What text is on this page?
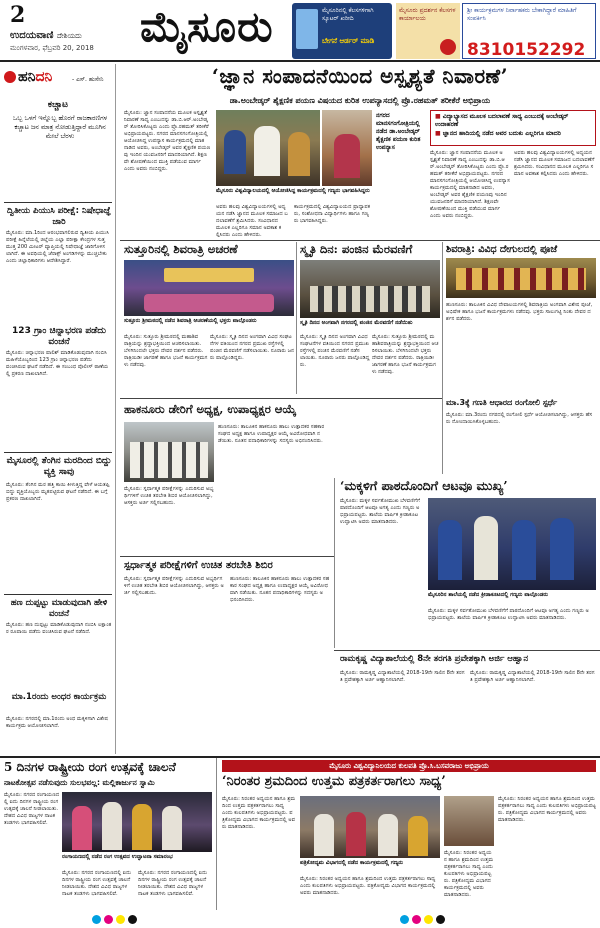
2
ಉದಯವಾಣಿ ದೇಶಿಯದು
ಮಂಗಳವಾರ, ಫೆಬ್ರವರಿ 20, 2018 ಮೈಸೂರು	ಮೈಸೂರಿನಲ್ಲಿ ಕೆಲಸಗಳಿಗಾಗಿ ಸ್ಕೂಟರ್ ಖರೀದಿ
ಬೇಗನೆ ಆರ್ಡರ್ ಮಾಡಿ
ಮೈಸೂರು ಪ್ರದರ್ಶನ ಕೆಲಸಗಳ ಕಾರ್ಯಾಲಯ
ಶ್ರೀ ಕಾರ್ಯಕ್ರಮಗಳ ನಿರ್ವಾಹಕರು ಬೇಕಾಗಿದ್ದಾರೆ ಮಾಹಿತಿಗೆ ಸಂಪರ್ಕಿಸಿ
8310152292
ಹನಿದನಿ	- ಎಸ್. ಹುಸೇನಿ
ಕಚ್ಚಾಟ
ಒಬ್ಬ ಒಳಗೆ ಇನ್ನೊಬ್ಬ ಹೊರಗೆ ರಾಜಕಾರಣಿಗಳ ಕಚ್ಚಾಟ ಜನ ಮಾತ್ರ ನೋಡುತ್ತಿದ್ದಾರೆ ಮೂಗಿನ ಮೇಲೆ ಬೆರಳು
ದ್ವಿತೀಯ ಪಿಯುಸಿ ಪರೀಕ್ಷೆ: ನಿಷೇಧಾಜ್ಞೆ ಜಾರಿ
ಮೈಸೂರು: ಮಾ.1ರಿಂದ ಆರಂಭವಾಗಲಿರುವ ದ್ವಿತೀಯ ಪಿಯುಸಿ ಪರೀಕ್ಷೆ ಹಿನ್ನೆಲೆಯಲ್ಲಿ ಜಿಲ್ಲೆಯ ಎಲ್ಲಾ ಪರೀಕ್ಷಾ ಕೇಂದ್ರಗಳ ಸುತ್ತಮುತ್ತ 200 ಮೀಟರ್ ವ್ಯಾಪ್ತಿಯಲ್ಲಿ ನಿಷೇಧಾಜ್ಞೆ ಜಾರಿಗೊಳಿಸಲಾಗಿದೆ. ಈ ಅವಧಿಯಲ್ಲಿ ಜೆರಾಕ್ಸ್ ಅಂಗಡಿಗಳನ್ನು ಮುಚ್ಚಬೇಕು ಎಂದು ಜಿಲ್ಲಾಧಿಕಾರಿಗಳು ಆದೇಶಿಸಿದ್ದಾರೆ.
123 ಗ್ರಾಂ ಚಿನ್ನಾಭರಣ ಪಡೆದು ವಂಚನೆ
ಮೈಸೂರು: ಚಿನ್ನಾಭರಣ ಪಾಲಿಶ್ ಮಾಡಿಕೊಡುವುದಾಗಿ ನಂಬಿಸಿ ಮಹಿಳೆಯೊಬ್ಬರಿಂದ 123 ಗ್ರಾಂ ಚಿನ್ನಾಭರಣ ಪಡೆದು ವಂಚಿಸಿರುವ ಘಟನೆ ನಡೆದಿದೆ. ಈ ಸಂಬಂಧ ಪೊಲೀಸ್ ಠಾಣೆಯಲ್ಲಿ ಪ್ರಕರಣ ದಾಖಲಾಗಿದೆ.
ಮೈಸೂರಲ್ಲಿ ತೆಂಗಿನ ಮರದಿಂದ ಬಿದ್ದು ವ್ಯಕ್ತಿ ಸಾವು
ಮೈಸೂರು: ತೆಂಗಿನ ಮರ ಹತ್ತಿ ಕಾಯಿ ಕೀಳುತ್ತಿದ್ದ ವೇಳೆ ಆಯತಪ್ಪಿ ಬಿದ್ದು ವ್ಯಕ್ತಿಯೊಬ್ಬರು ಮೃತಪಟ್ಟಿರುವ ಘಟನೆ ನಡೆದಿದೆ. ಈ ಬಗ್ಗೆ ಪ್ರಕರಣ ದಾಖಲಾಗಿದೆ.
ಹಣ ದುಪ್ಪಟ್ಟು ಮಾಡುವುದಾಗಿ ಹೇಳಿ ವಂಚನೆ
ಮೈಸೂರು: ಹಣ ದುಪ್ಪಟ್ಟು ಮಾಡಿಕೊಡುವುದಾಗಿ ನಂಬಿಸಿ ಲಕ್ಷಾಂತರ ರೂಪಾಯಿ ಪಡೆದು ವಂಚಿಸಿರುವ ಘಟನೆ ನಡೆದಿದೆ.
ಮಾ.1ರಂದು ಅಂಧರ ಕಾರ್ಯಕ್ರಮ
ಮೈಸೂರು: ನಗರದಲ್ಲಿ ಮಾ.1ರಂದು ಅಂಧ ಮಕ್ಕಳಿಗಾಗಿ ವಿಶೇಷ ಕಾರ್ಯಕ್ರಮ ಆಯೋಜಿಸಲಾಗಿದೆ.
‘ಜ್ಞಾನ ಸಂಪಾದನೆಯಿಂದ ಅಸ್ಪೃಶ್ಯತೆ ನಿವಾರಣೆ’
ಡಾ.ಅಂಬೇಡ್ಕರ್ ಶೈಕ್ಷಣಿಕ ಪಯಣ ವಿಷಯದ ಕುರಿತ ಉಪನ್ಯಾಸದಲ್ಲಿ ಪ್ರೊ.ರಹಮತ್ ತರೀಕೆರೆ ಅಭಿಪ್ರಾಯ
ಮೈಸೂರು: ಜ್ಞಾನ ಸಂಪಾದನೆಯ ಮೂಲಕ ಅಸ್ಪೃಶ್ಯತೆ ನಿವಾರಣೆ ಸಾಧ್ಯ ಎಂಬುದನ್ನು ಡಾ.ಬಿ.ಆರ್.ಅಂಬೇಡ್ಕರ್ ತೋರಿಸಿಕೊಟ್ಟರು ಎಂದು ಪ್ರೊ.ರಹಮತ್ ತರೀಕೆರೆ ಅಭಿಪ್ರಾಯಪಟ್ಟರು. ನಗರದ ಮಾನಸಗಂಗೋತ್ರಿಯಲ್ಲಿ ಆಯೋಜಿಸಿದ್ದ ಉಪನ್ಯಾಸ ಕಾರ್ಯಕ್ರಮದಲ್ಲಿ ಮಾತನಾಡಿದ ಅವರು, ಅಂಬೇಡ್ಕರ್ ಅವರ ಶೈಕ್ಷಣಿಕ ಪಯಣವು ಇಂದಿನ ಯುವಜನರಿಗೆ ಮಾದರಿಯಾಗಿದೆ. ಶಿಕ್ಷಣವೇ ಶೋಷಣೆಯಿಂದ ಮುಕ್ತಿ ಪಡೆಯುವ ಮಾರ್ಗ ಎಂದು ಅವರು ನಂಬಿದ್ದರು.
ಮೈಸೂರು ವಿಶ್ವವಿದ್ಯಾಲಯದಲ್ಲಿ ಆಯೋಜಿಸಿದ್ದ ಕಾರ್ಯಕ್ರಮದಲ್ಲಿ ಗಣ್ಯರು ಭಾಗವಹಿಸಿದ್ದರು
ಅವರು ಹಲವು ವಿಶ್ವವಿದ್ಯಾಲಯಗಳಲ್ಲಿ ಅಧ್ಯಯನ ನಡೆಸಿ ಜ್ಞಾನದ ಮೂಲಕ ಸಮಾಜದ ಬದಲಾವಣೆಗೆ ಶ್ರಮಿಸಿದರು. ಸಂವಿಧಾನದ ಮೂಲಕ ಎಲ್ಲರಿಗೂ ಸಮಾನ ಅವಕಾಶ ಕಲ್ಪಿಸಿದರು ಎಂದು ಹೇಳಿದರು.
ಕಾರ್ಯಕ್ರಮದಲ್ಲಿ ವಿಶ್ವವಿದ್ಯಾಲಯದ ಪ್ರಾಧ್ಯಾಪಕರು, ಸಂಶೋಧನಾ ವಿದ್ಯಾರ್ಥಿಗಳು ಹಾಗೂ ಗಣ್ಯರು ಭಾಗವಹಿಸಿದ್ದರು.
ನಗರದ ಮಾನಸಗಂಗೋತ್ರಿಯಲ್ಲಿ ನಡೆದ ಡಾ.ಅಂಬೇಡ್ಕರ್ ಶೈಕ್ಷಣಿಕ ಪಯಣ ಕುರಿತ ಉಪನ್ಯಾಸ
■ ವಿದ್ಯಾಭ್ಯಾಸದ ಮೂಲಕ ಬದಲಾವಣೆ ಸಾಧ್ಯ ಎಂಬುದಕ್ಕೆ ಅಂಬೇಡ್ಕರ್ ಉದಾಹರಣೆ
■ ಜ್ಞಾನದ ಹಾದಿಯಲ್ಲಿ ನಡೆದ ಅವರ ಬದುಕು ಎಲ್ಲರಿಗೂ ಮಾದರಿ
ಮೈಸೂರು: ಜ್ಞಾನ ಸಂಪಾದನೆಯ ಮೂಲಕ ಅಸ್ಪೃಶ್ಯತೆ ನಿವಾರಣೆ ಸಾಧ್ಯ ಎಂಬುದನ್ನು ಡಾ.ಬಿ.ಆರ್.ಅಂಬೇಡ್ಕರ್ ತೋರಿಸಿಕೊಟ್ಟರು ಎಂದು ಪ್ರೊ.ರಹಮತ್ ತರೀಕೆರೆ ಅಭಿಪ್ರಾಯಪಟ್ಟರು. ನಗರದ ಮಾನಸಗಂಗೋತ್ರಿಯಲ್ಲಿ ಆಯೋಜಿಸಿದ್ದ ಉಪನ್ಯಾಸ ಕಾರ್ಯಕ್ರಮದಲ್ಲಿ ಮಾತನಾಡಿದ ಅವರು, ಅಂಬೇಡ್ಕರ್ ಅವರ ಶೈಕ್ಷಣಿಕ ಪಯಣವು ಇಂದಿನ ಯುವಜನರಿಗೆ ಮಾದರಿಯಾಗಿದೆ. ಶಿಕ್ಷಣವೇ ಶೋಷಣೆಯಿಂದ ಮುಕ್ತಿ ಪಡೆಯುವ ಮಾರ್ಗ ಎಂದು ಅವರು ನಂಬಿದ್ದರು.
ಅವರು ಹಲವು ವಿಶ್ವವಿದ್ಯಾಲಯಗಳಲ್ಲಿ ಅಧ್ಯಯನ ನಡೆಸಿ ಜ್ಞಾನದ ಮೂಲಕ ಸಮಾಜದ ಬದಲಾವಣೆಗೆ ಶ್ರಮಿಸಿದರು. ಸಂವಿಧಾನದ ಮೂಲಕ ಎಲ್ಲರಿಗೂ ಸಮಾನ ಅವಕಾಶ ಕಲ್ಪಿಸಿದರು ಎಂದು ಹೇಳಿದರು.
ಸುತ್ತೂರಿನಲ್ಲಿ ಶಿವರಾತ್ರಿ ಅಚರಣೆ	ಸ್ಮೃತಿ ದಿನ: ಪಂಜಿನ ಮೆರವಣಿಗೆ	ಶಿವರಾತ್ರಿ: ವಿವಿಧ ದೇಗುಲದಲ್ಲಿ ಪೂಜೆ
ಸುತ್ತೂರು ಶ್ರೀಮಠದಲ್ಲಿ ನಡೆದ ಶಿವರಾತ್ರಿ ಆಚರಣೆಯಲ್ಲಿ ಭಕ್ತರು ಪಾಲ್ಗೊಂಡರು
ಮೈಸೂರು: ಸುತ್ತೂರು ಶ್ರೀಮಠದಲ್ಲಿ ಮಹಾಶಿವರಾತ್ರಿಯನ್ನು ಶ್ರದ್ಧಾಭಕ್ತಿಯಿಂದ ಆಚರಿಸಲಾಯಿತು. ಬೆಳಗಿನಿಂದಲೇ ಭಕ್ತರು ದೇವರ ದರ್ಶನ ಪಡೆದರು. ರಾತ್ರಿಯಿಡೀ ಜಾಗರಣೆ ಹಾಗೂ ಭಜನೆ ಕಾರ್ಯಕ್ರಮಗಳು ನಡೆದವು.
ಮೈಸೂರು: ಸ್ಮೃತಿ ದಿನದ ಅಂಗವಾಗಿ ವಿವಿಧ ಸಂಘಟನೆಗಳ ವತಿಯಿಂದ ನಗರದ ಪ್ರಮುಖ ರಸ್ತೆಗಳಲ್ಲಿ ಪಂಜಿನ ಮೆರವಣಿಗೆ ನಡೆಸಲಾಯಿತು. ನೂರಾರು ಜನರು ಪಾಲ್ಗೊಂಡಿದ್ದರು.
ಸ್ಮೃತಿ ದಿನದ ಅಂಗವಾಗಿ ನಗರದಲ್ಲಿ ಪಂಜಿನ ಮೆರವಣಿಗೆ ನಡೆಯಿತು
ಮೈಸೂರು: ಸ್ಮೃತಿ ದಿನದ ಅಂಗವಾಗಿ ವಿವಿಧ ಸಂಘಟನೆಗಳ ವತಿಯಿಂದ ನಗರದ ಪ್ರಮುಖ ರಸ್ತೆಗಳಲ್ಲಿ ಪಂಜಿನ ಮೆರವಣಿಗೆ ನಡೆಸಲಾಯಿತು. ನೂರಾರು ಜನರು ಪಾಲ್ಗೊಂಡಿದ್ದರು.
ಮೈಸೂರು: ಸುತ್ತೂರು ಶ್ರೀಮಠದಲ್ಲಿ ಮಹಾಶಿವರಾತ್ರಿಯನ್ನು ಶ್ರದ್ಧಾಭಕ್ತಿಯಿಂದ ಆಚರಿಸಲಾಯಿತು. ಬೆಳಗಿನಿಂದಲೇ ಭಕ್ತರು ದೇವರ ದರ್ಶನ ಪಡೆದರು. ರಾತ್ರಿಯಿಡೀ ಜಾಗರಣೆ ಹಾಗೂ ಭಜನೆ ಕಾರ್ಯಕ್ರಮಗಳು ನಡೆದವು.
ಹುಣಸೂರು: ತಾಲೂಕಿನ ವಿವಿಧ ದೇವಾಲಯಗಳಲ್ಲಿ ಶಿವರಾತ್ರಿಯ ಅಂಗವಾಗಿ ವಿಶೇಷ ಪೂಜೆ, ಅಭಿಷೇಕ ಹಾಗೂ ಭಜನೆ ಕಾರ್ಯಕ್ರಮಗಳು ನಡೆದವು. ಭಕ್ತರು ಸಾಲುಗಟ್ಟಿ ನಿಂತು ದೇವರ ದರ್ಶನ ಪಡೆದರು.
ಮಾ.3ಕ್ಕೆ ಗಣತಿ ಆಧಾರದ ರಂಗೋಲಿ ಸ್ಪರ್ಧೆ
ಮೈಸೂರು: ಮಾ.3ರಂದು ನಗರದಲ್ಲಿ ರಂಗೋಲಿ ಸ್ಪರ್ಧೆ ಆಯೋಜಿಸಲಾಗಿದ್ದು, ಆಸಕ್ತರು ಹೆಸರು ನೋಂದಾಯಿಸಿಕೊಳ್ಳಬಹುದು.
ಹಾಕನೂರು ಡೇರಿಗೆ ಅಧ್ಯಕ್ಷ, ಉಪಾಧ್ಯಕ್ಷರ ಆಯ್ಕೆ
ಹುಣಸೂರು: ತಾಲೂಕಿನ ಹಾಕನೂರು ಹಾಲು ಉತ್ಪಾದಕರ ಸಹಕಾರ ಸಂಘದ ಅಧ್ಯಕ್ಷ ಹಾಗೂ ಉಪಾಧ್ಯಕ್ಷರ ಆಯ್ಕೆ ಅವಿರೋಧವಾಗಿ ನಡೆಯಿತು. ನೂತನ ಪದಾಧಿಕಾರಿಗಳನ್ನು ಸದಸ್ಯರು ಅಭಿನಂದಿಸಿದರು.
ಮೈಸೂರು: ಸ್ಪರ್ಧಾತ್ಮಕ ಪರೀಕ್ಷೆಗಳನ್ನು ಎದುರಿಸುವ ಅಭ್ಯರ್ಥಿಗಳಿಗೆ ಉಚಿತ ತರಬೇತಿ ಶಿಬಿರ ಆಯೋಜಿಸಲಾಗಿದ್ದು, ಆಸಕ್ತರು ಅರ್ಜಿ ಸಲ್ಲಿಸಬಹುದು.
‘ಮಕ್ಕಳಿಗೆ ಪಾಠದೊಂದಿಗೆ ಆಟವೂ ಮುಖ್ಯ’
ಮೈಸೂರು: ಮಕ್ಕಳ ಸರ್ವತೋಮುಖ ಬೆಳವಣಿಗೆಗೆ ಪಾಠದೊಂದಿಗೆ ಆಟವೂ ಅಗತ್ಯ ಎಂದು ಗಣ್ಯರು ಅಭಿಪ್ರಾಯಪಟ್ಟರು. ಶಾಲೆಯ ವಾರ್ಷಿಕ ಕ್ರೀಡಾಕೂಟ ಉದ್ಘಾಟಿಸಿ ಅವರು ಮಾತನಾಡಿದರು.
ಮೈಸೂರಿನ ಶಾಲೆಯಲ್ಲಿ ನಡೆದ ಕ್ರೀಡಾಕೂಟದಲ್ಲಿ ಗಣ್ಯರು ಪಾಲ್ಗೊಂಡರು
ಮೈಸೂರು: ಮಕ್ಕಳ ಸರ್ವತೋಮುಖ ಬೆಳವಣಿಗೆಗೆ ಪಾಠದೊಂದಿಗೆ ಆಟವೂ ಅಗತ್ಯ ಎಂದು ಗಣ್ಯರು ಅಭಿಪ್ರಾಯಪಟ್ಟರು. ಶಾಲೆಯ ವಾರ್ಷಿಕ ಕ್ರೀಡಾಕೂಟ ಉದ್ಘಾಟಿಸಿ ಅವರು ಮಾತನಾಡಿದರು.
ಸ್ಪರ್ಧಾತ್ಮಕ ಪರೀಕ್ಷೆಗಳಿಗೆ ಉಚಿತ ತರಬೇತಿ ಶಿಬಿರ
ಮೈಸೂರು: ಸ್ಪರ್ಧಾತ್ಮಕ ಪರೀಕ್ಷೆಗಳನ್ನು ಎದುರಿಸುವ ಅಭ್ಯರ್ಥಿಗಳಿಗೆ ಉಚಿತ ತರಬೇತಿ ಶಿಬಿರ ಆಯೋಜಿಸಲಾಗಿದ್ದು, ಆಸಕ್ತರು ಅರ್ಜಿ ಸಲ್ಲಿಸಬಹುದು.
ಹುಣಸೂರು: ತಾಲೂಕಿನ ಹಾಕನೂರು ಹಾಲು ಉತ್ಪಾದಕರ ಸಹಕಾರ ಸಂಘದ ಅಧ್ಯಕ್ಷ ಹಾಗೂ ಉಪಾಧ್ಯಕ್ಷರ ಆಯ್ಕೆ ಅವಿರೋಧವಾಗಿ ನಡೆಯಿತು. ನೂತನ ಪದಾಧಿಕಾರಿಗಳನ್ನು ಸದಸ್ಯರು ಅಭಿನಂದಿಸಿದರು.
ರಾಮಕೃಷ್ಣ ವಿದ್ಯಾಶಾಲೆಯಲ್ಲಿ 8ನೇ ತರಗತಿ ಪ್ರವೇಶಕ್ಕಾಗಿ ಅರ್ಜಿ ಆಹ್ವಾನ
ಮೈಸೂರು: ರಾಮಕೃಷ್ಣ ವಿದ್ಯಾಶಾಲೆಯಲ್ಲಿ 2018-19ನೇ ಸಾಲಿನ 8ನೇ ತರಗತಿ ಪ್ರವೇಶಕ್ಕಾಗಿ ಅರ್ಜಿ ಆಹ್ವಾನಿಸಲಾಗಿದೆ.
ಮೈಸೂರು: ರಾಮಕೃಷ್ಣ ವಿದ್ಯಾಶಾಲೆಯಲ್ಲಿ 2018-19ನೇ ಸಾಲಿನ 8ನೇ ತರಗತಿ ಪ್ರವೇಶಕ್ಕಾಗಿ ಅರ್ಜಿ ಆಹ್ವಾನಿಸಲಾಗಿದೆ.
5 ದಿನಗಳ ರಾಷ್ಟ್ರೀಯ ರಂಗ ಉತ್ಸವಕ್ಕೆ ಚಾಲನೆ
ನಾಟಕೋತ್ಸವ ನಡೆಸುವುದು ಸುಲಭವಲ್ಲ: ಮಲ್ಲಿಕಾರ್ಜುನ ಸ್ವಾಮಿ
ಮೈಸೂರು: ನಗರದ ರಂಗಾಯಣದಲ್ಲಿ ಐದು ದಿನಗಳ ರಾಷ್ಟ್ರೀಯ ರಂಗ ಉತ್ಸವಕ್ಕೆ ಚಾಲನೆ ನೀಡಲಾಯಿತು. ದೇಶದ ವಿವಿಧ ರಾಜ್ಯಗಳ ನಾಟಕ ತಂಡಗಳು ಭಾಗವಹಿಸಲಿವೆ.
ರಂಗಾಯಣದಲ್ಲಿ ನಡೆದ ರಂಗ ಉತ್ಸವದ ಉದ್ಘಾಟನಾ ಸಮಾರಂಭ
ಮೈಸೂರು: ನಗರದ ರಂಗಾಯಣದಲ್ಲಿ ಐದು ದಿನಗಳ ರಾಷ್ಟ್ರೀಯ ರಂಗ ಉತ್ಸವಕ್ಕೆ ಚಾಲನೆ ನೀಡಲಾಯಿತು. ದೇಶದ ವಿವಿಧ ರಾಜ್ಯಗಳ ನಾಟಕ ತಂಡಗಳು ಭಾಗವಹಿಸಲಿವೆ.
ಮೈಸೂರು: ನಗರದ ರಂಗಾಯಣದಲ್ಲಿ ಐದು ದಿನಗಳ ರಾಷ್ಟ್ರೀಯ ರಂಗ ಉತ್ಸವಕ್ಕೆ ಚಾಲನೆ ನೀಡಲಾಯಿತು. ದೇಶದ ವಿವಿಧ ರಾಜ್ಯಗಳ ನಾಟಕ ತಂಡಗಳು ಭಾಗವಹಿಸಲಿವೆ.
ಮೈಸೂರು ವಿಶ್ವವಿದ್ಯಾನಿಲಯದ ಕುಲಪತಿ ಪ್ರೊ.ಸಿ.ಬಸವರಾಜು ಅಭಿಪ್ರಾಯ
‘ನಿರಂತರ ಶ್ರಮದಿಂದ ಉತ್ತಮ ಪತ್ರಕರ್ತರಾಗಲು ಸಾಧ್ಯ’
ಮೈಸೂರು: ನಿರಂತರ ಅಧ್ಯಯನ ಹಾಗೂ ಶ್ರಮದಿಂದ ಉತ್ತಮ ಪತ್ರಕರ್ತರಾಗಲು ಸಾಧ್ಯ ಎಂದು ಕುಲಪತಿಗಳು ಅಭಿಪ್ರಾಯಪಟ್ಟರು. ಪತ್ರಿಕೋದ್ಯಮ ವಿಭಾಗದ ಕಾರ್ಯಕ್ರಮದಲ್ಲಿ ಅವರು ಮಾತನಾಡಿದರು.
ಪತ್ರಿಕೋದ್ಯಮ ವಿಭಾಗದಲ್ಲಿ ನಡೆದ ಕಾರ್ಯಕ್ರಮದಲ್ಲಿ ಗಣ್ಯರು
ಮೈಸೂರು: ನಿರಂತರ ಅಧ್ಯಯನ ಹಾಗೂ ಶ್ರಮದಿಂದ ಉತ್ತಮ ಪತ್ರಕರ್ತರಾಗಲು ಸಾಧ್ಯ ಎಂದು ಕುಲಪತಿಗಳು ಅಭಿಪ್ರಾಯಪಟ್ಟರು. ಪತ್ರಿಕೋದ್ಯಮ ವಿಭಾಗದ ಕಾರ್ಯಕ್ರಮದಲ್ಲಿ ಅವರು ಮಾತನಾಡಿದರು.
ಮೈಸೂರು: ನಿರಂತರ ಅಧ್ಯಯನ ಹಾಗೂ ಶ್ರಮದಿಂದ ಉತ್ತಮ ಪತ್ರಕರ್ತರಾಗಲು ಸಾಧ್ಯ ಎಂದು ಕುಲಪತಿಗಳು ಅಭಿಪ್ರಾಯಪಟ್ಟರು. ಪತ್ರಿಕೋದ್ಯಮ ವಿಭಾಗದ ಕಾರ್ಯಕ್ರಮದಲ್ಲಿ ಅವರು ಮಾತನಾಡಿದರು.
ಮೈಸೂರು: ನಿರಂತರ ಅಧ್ಯಯನ ಹಾಗೂ ಶ್ರಮದಿಂದ ಉತ್ತಮ ಪತ್ರಕರ್ತರಾಗಲು ಸಾಧ್ಯ ಎಂದು ಕುಲಪತಿಗಳು ಅಭಿಪ್ರಾಯಪಟ್ಟರು. ಪತ್ರಿಕೋದ್ಯಮ ವಿಭಾಗದ ಕಾರ್ಯಕ್ರಮದಲ್ಲಿ ಅವರು ಮಾತನಾಡಿದರು.
